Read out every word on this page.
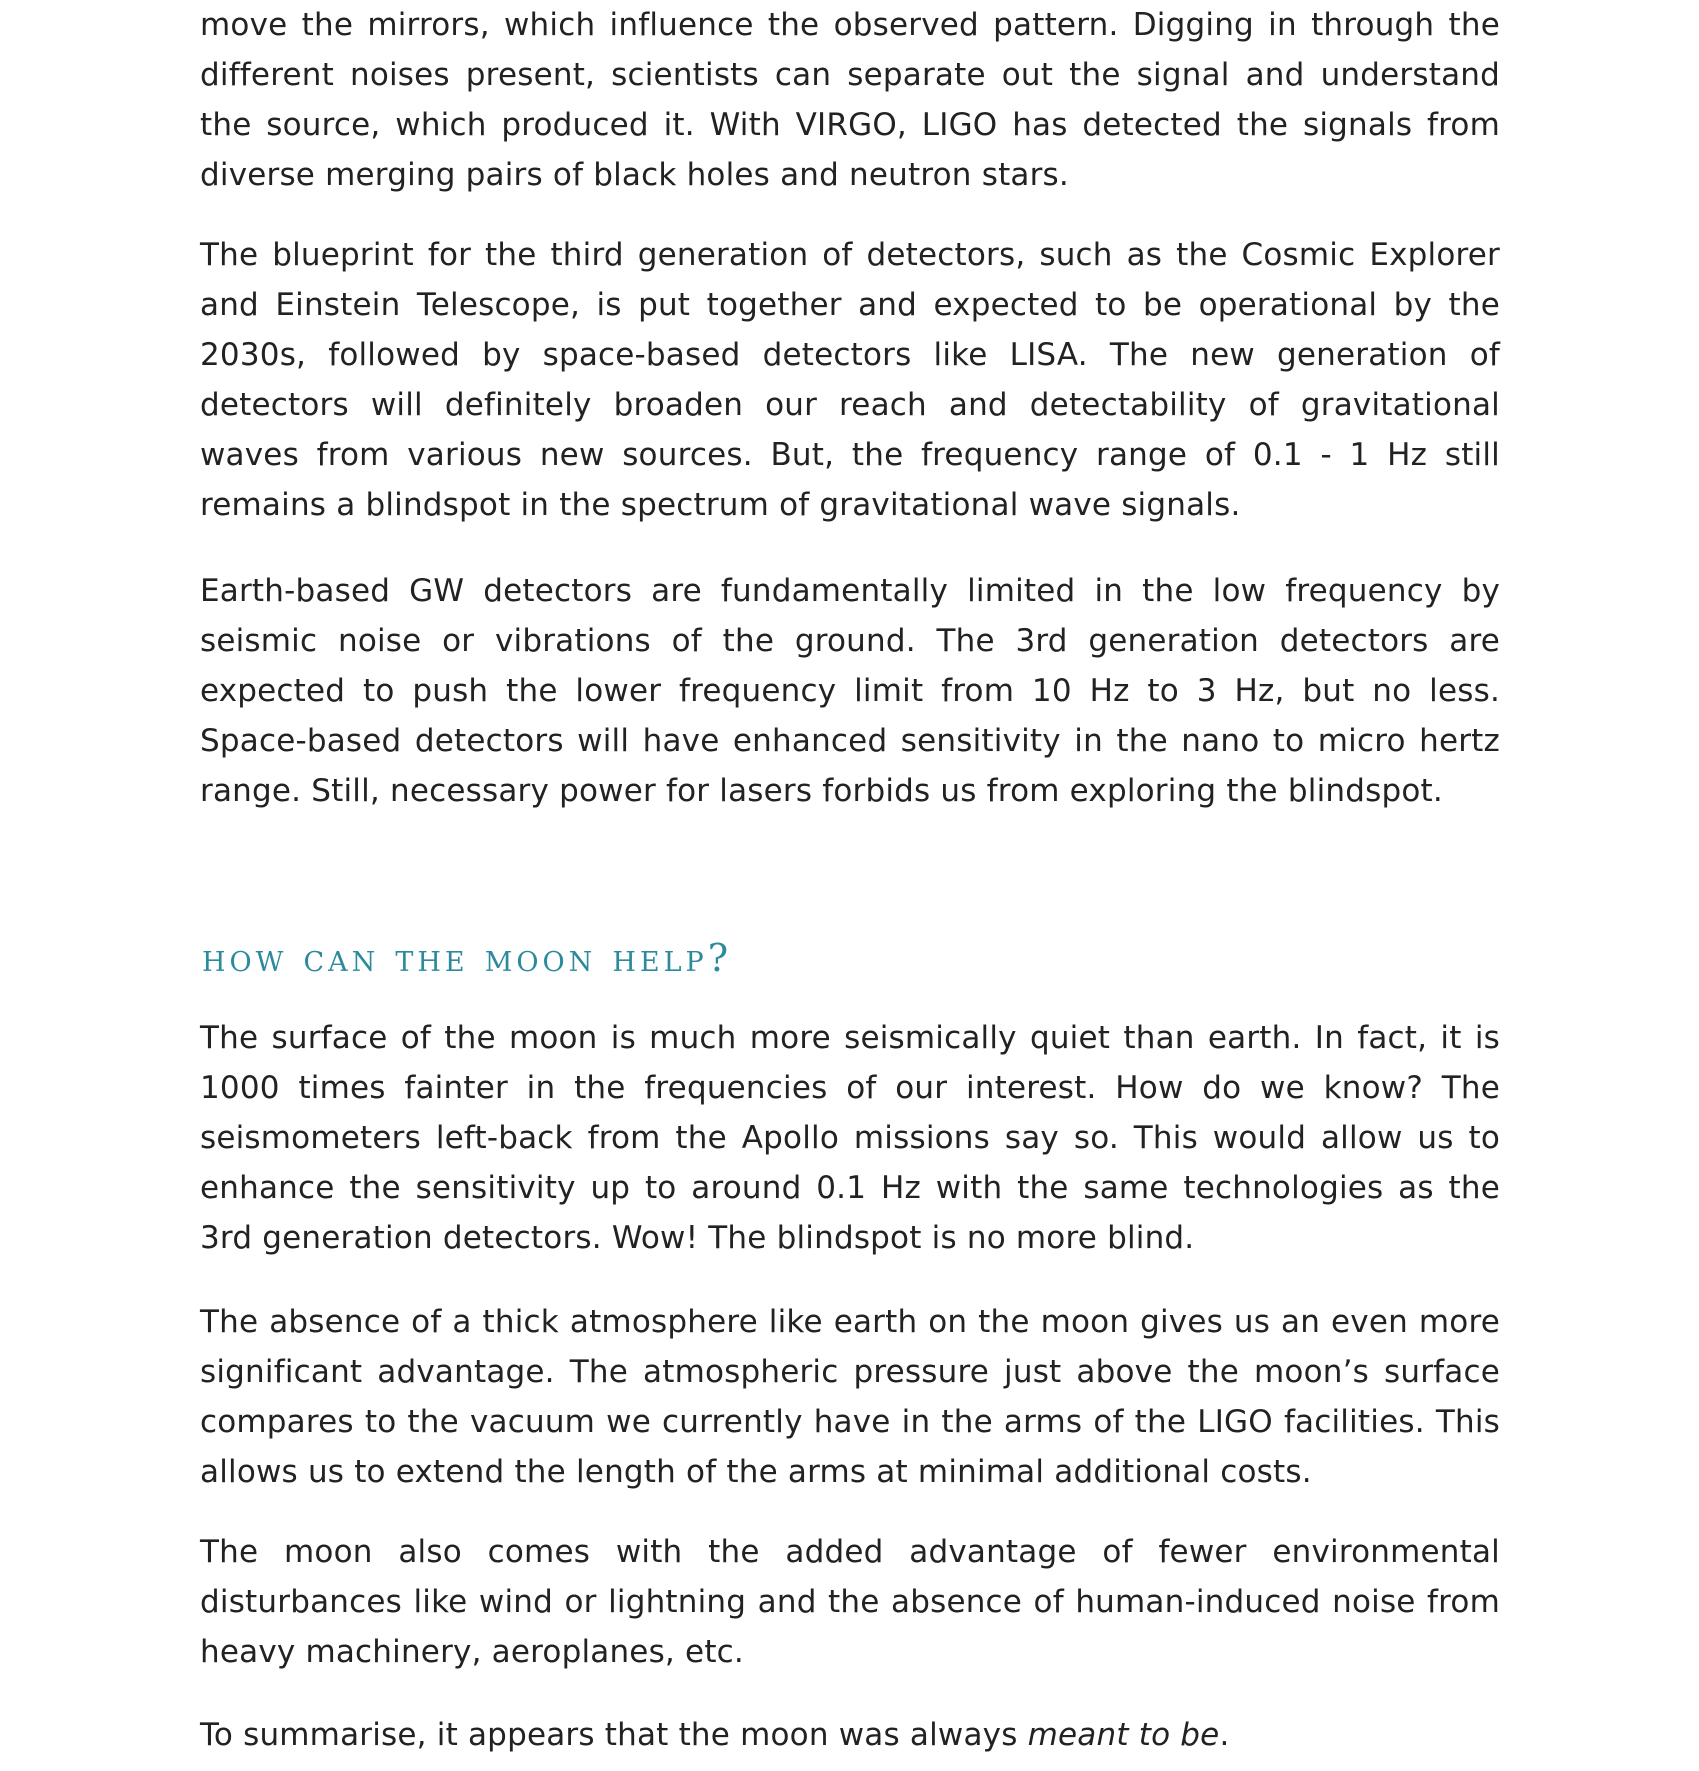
move the mirrors, which influence the observed pattern. Digging in through the different noises present, scientists can separate out the signal and understand the source, which produced it. With VIRGO, LIGO has detected the signals from diverse merging pairs of black holes and neutron stars.

The blueprint for the third generation of detectors, such as the Cosmic Explorer and Einstein Telescope, is put together and expected to be operational by the 2030s, followed by space-based detectors like LISA. The new generation of detectors will definitely broaden our reach and detectability of gravitational waves from various new sources. But, the frequency range of 0.1 - 1 Hz still remains a blindspot in the spectrum of gravitational wave signals.

Earth-based GW detectors are fundamentally limited in the low frequency by seismic noise or vibrations of the ground. The 3rd generation detectors are expected to push the lower frequency limit from 10 Hz to 3 Hz, but no less. Space-based detectors will have enhanced sensitivity in the nano to micro hertz range. Still, necessary power for lasers forbids us from exploring the blindspot.

how can the moon help?

The surface of the moon is much more seismically quiet than earth. In fact, it is 1000 times fainter in the frequencies of our interest. How do we know? The seismometers left-back from the Apollo missions say so. This would allow us to enhance the sensitivity up to around 0.1 Hz with the same technologies as the 3rd generation detectors. Wow! The blindspot is no more blind.

The absence of a thick atmosphere like earth on the moon gives us an even more significant advantage. The atmospheric pressure just above the moon’s surface compares to the vacuum we currently have in the arms of the LIGO facilities. This allows us to extend the length of the arms at minimal additional costs.

The moon also comes with the added advantage of fewer environmental disturbances like wind or lightning and the absence of human-induced noise from heavy machinery, aeroplanes, etc.

To summarise, it appears that the moon was always meant to be.
